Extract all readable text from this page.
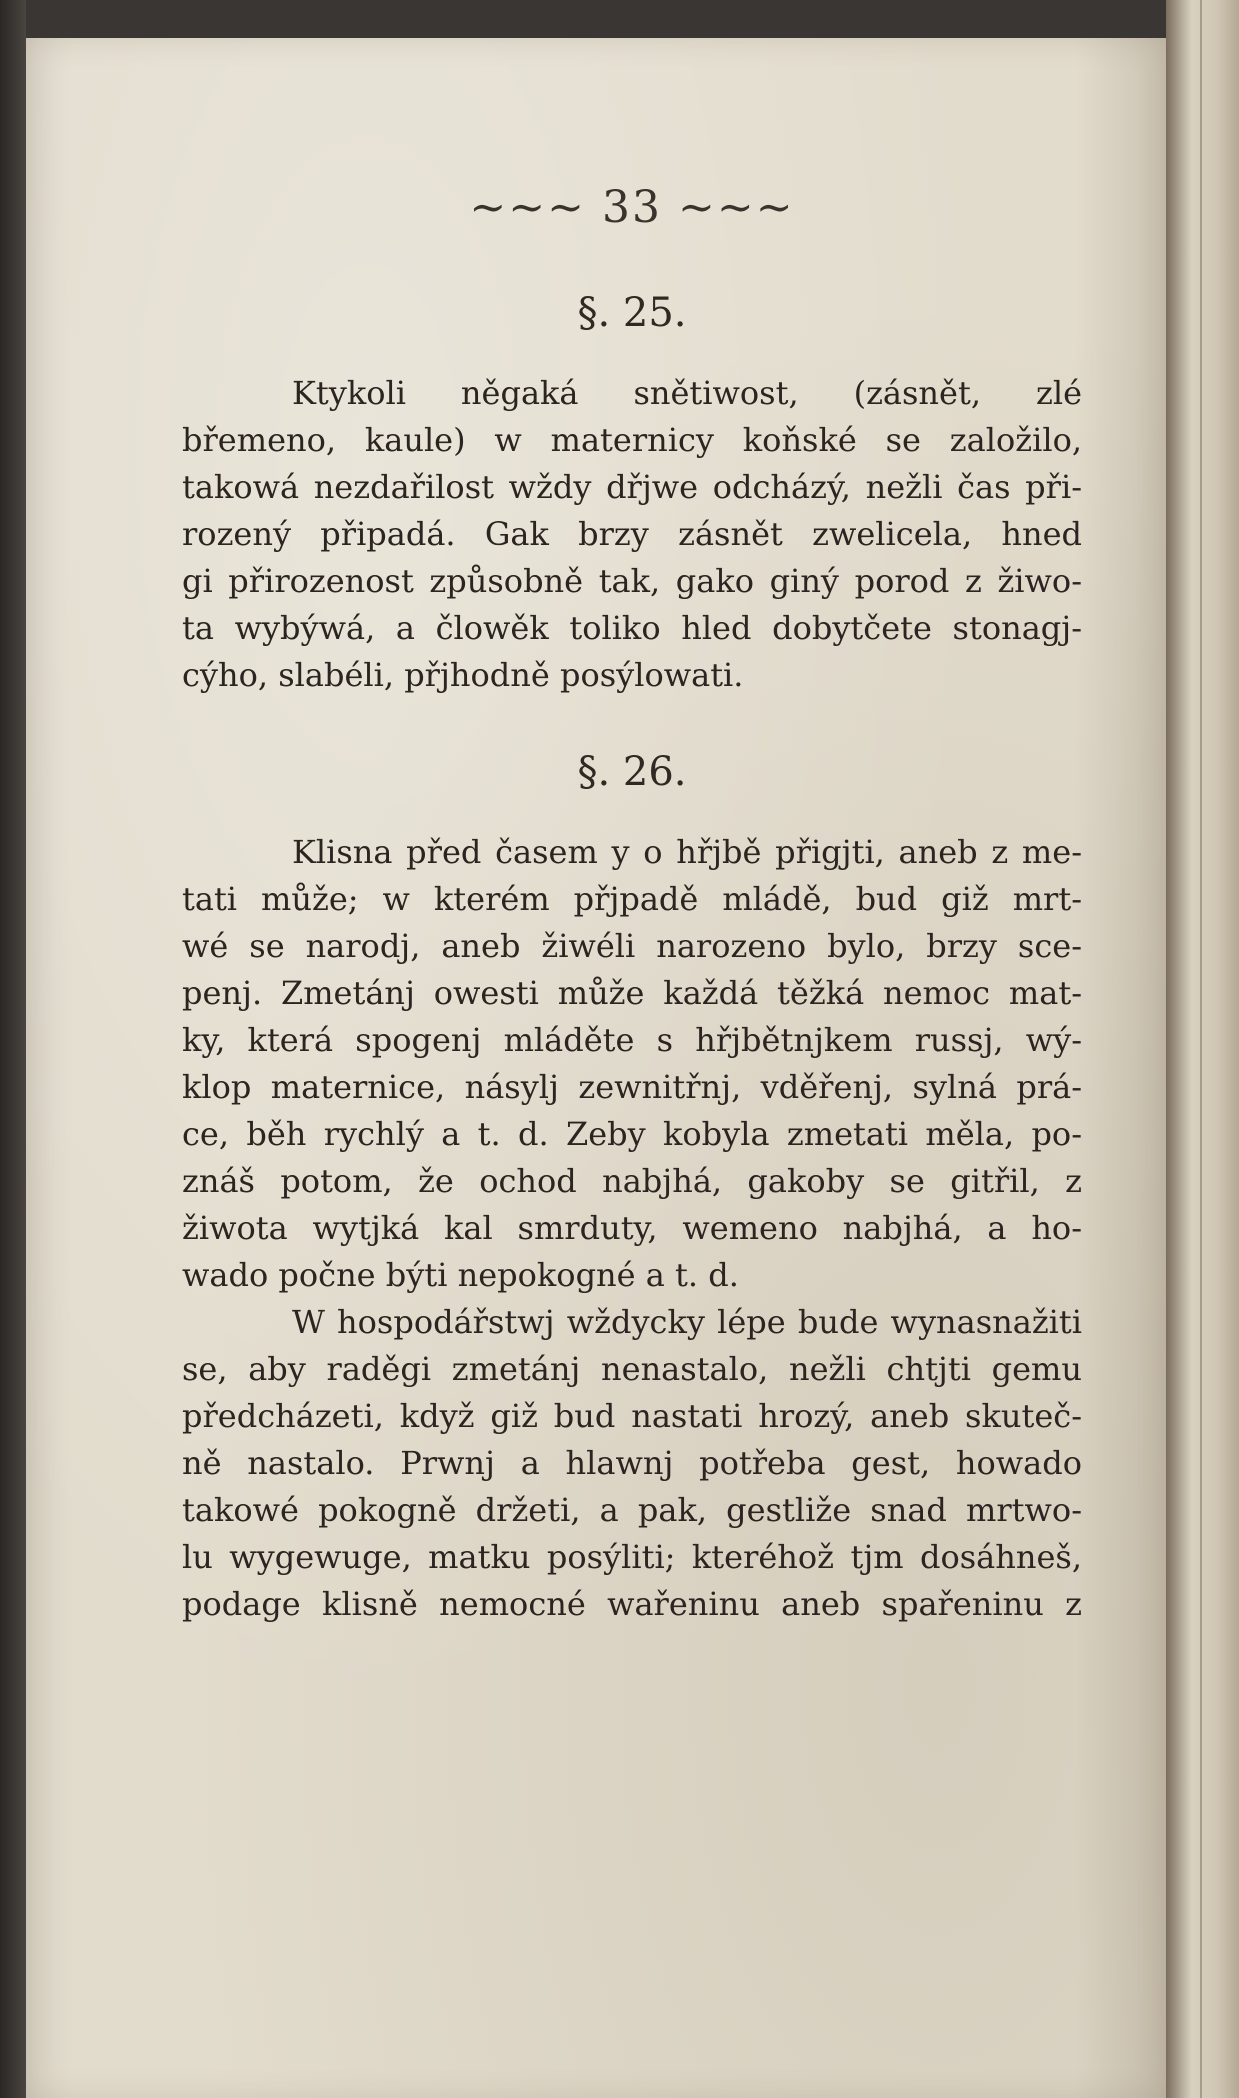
~~~ 33 ~~~
§. 25.
Ktykoli něgaká snětiwost, (zásnět, zlé
břemeno, kaule) w maternicy koňské se založilo,
takowá nezdařilost wždy dřjwe odcházý, nežli čas při-
rozený připadá. Gak brzy zásnět zwelicela, hned
gi přirozenost způsobně tak, gako giný porod z žiwo-
ta wybýwá, a člowěk toliko hled dobytčete stonagj-
cýho, slabéli, přjhodně posýlowati.
§. 26.
Klisna před časem y o hřjbě přigjti, aneb z me-
tati může; w kterém přjpadě mládě, bud giž mrt-
wé se narodj, aneb žiwéli narozeno bylo, brzy sce-
penj. Zmetánj owesti může každá těžká nemoc mat-
ky, která spogenj mláděte s hřjbětnjkem russj, wý-
klop maternice, násylj zewnitřnj, vděřenj, sylná prá-
ce, běh rychlý a t. d. Zeby kobyla zmetati měla, po-
znáš potom, že ochod nabjhá, gakoby se gitřil, z
žiwota wytjká kal smrduty, wemeno nabjhá, a ho-
wado počne býti nepokogné a t. d.
W hospodářstwj wždycky lépe bude wynasnažiti
se, aby raděgi zmetánj nenastalo, nežli chtjti gemu
předcházeti, když giž bud nastati hrozý, aneb skuteč-
ně nastalo. Prwnj a hlawnj potřeba gest, howado
takowé pokogně držeti, a pak, gestliže snad mrtwo-
lu wygewuge, matku posýliti; kteréhož tjm dosáhneš,
podage klisně nemocné wařeninu aneb spařeninu z
